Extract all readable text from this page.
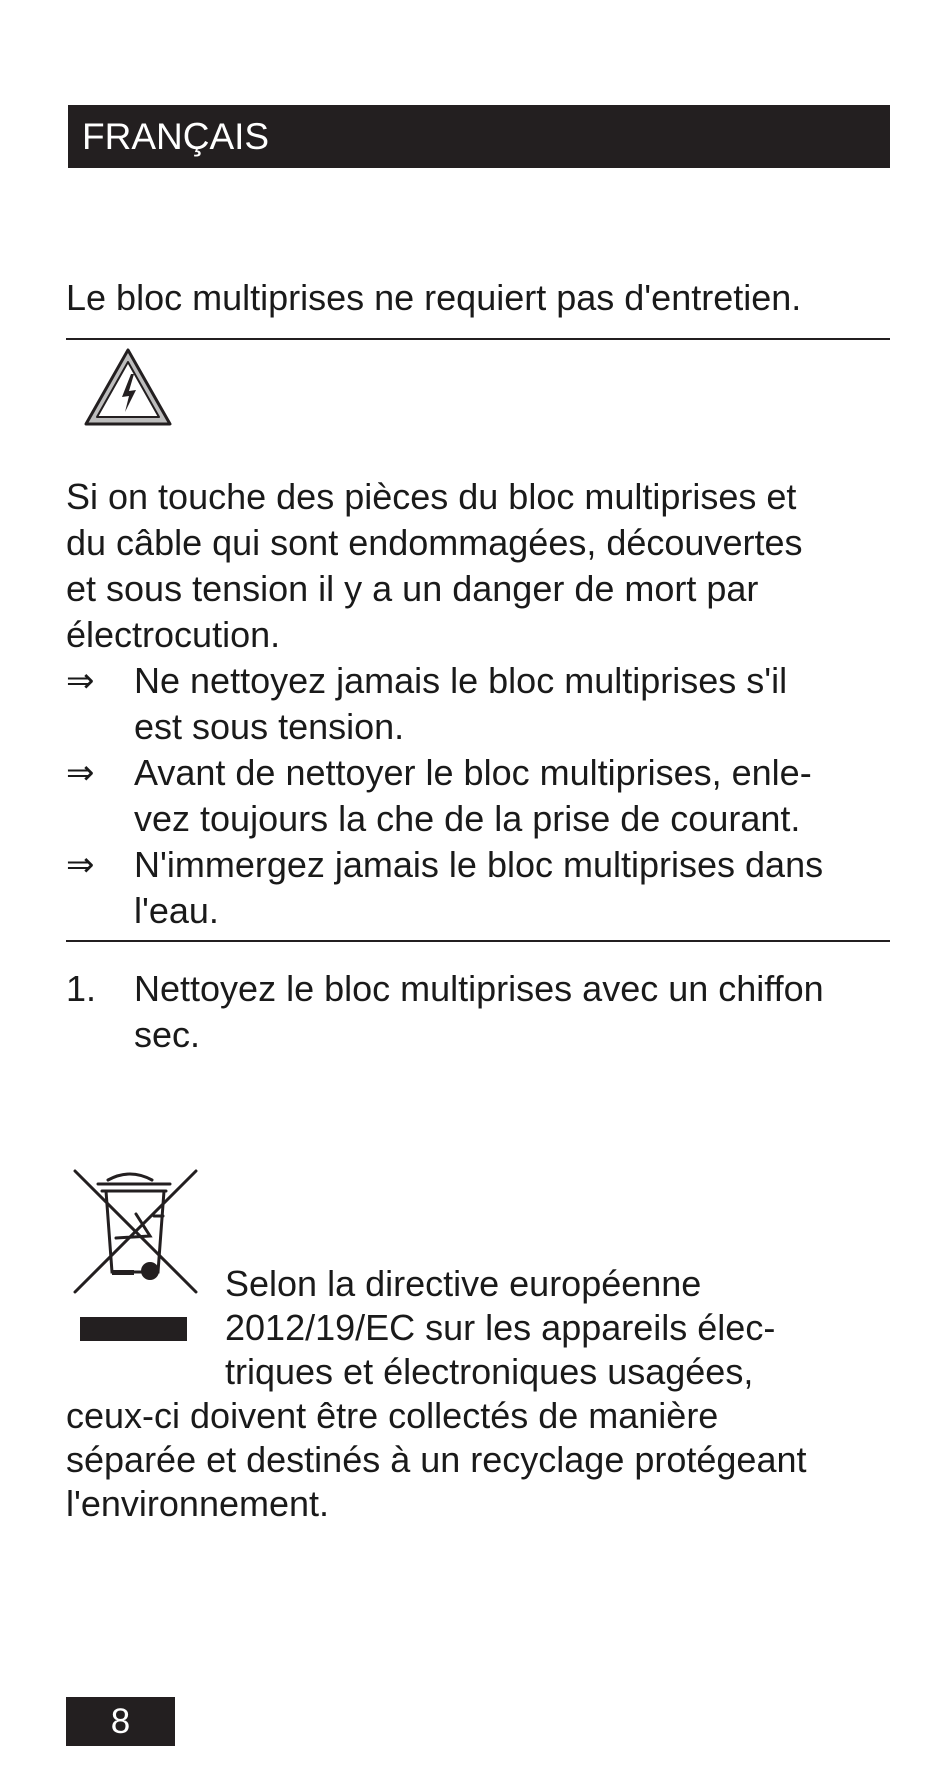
FRANÇAIS
Le bloc multiprises ne requiert pas d'entretien.
Si on touche des pièces du bloc multiprises et
du câble qui sont endommagées, découvertes
et sous tension il y a un danger de mort par
électrocution.
⇒ Ne nettoyez jamais le bloc multiprises s'il
est sous tension.
⇒ Avant de nettoyer le bloc multiprises, enle-
vez toujours la che de la prise de courant.
⇒ N'immergez jamais le bloc multiprises dans
l'eau.
1. Nettoyez le bloc multiprises avec un chiffon
sec.
Selon la directive européenne
2012/19/EC sur les appareils élec-
triques et électroniques usagées,
ceux-ci doivent être collectés de manière
séparée et destinés à un recyclage protégeant
l'environnement.
8
